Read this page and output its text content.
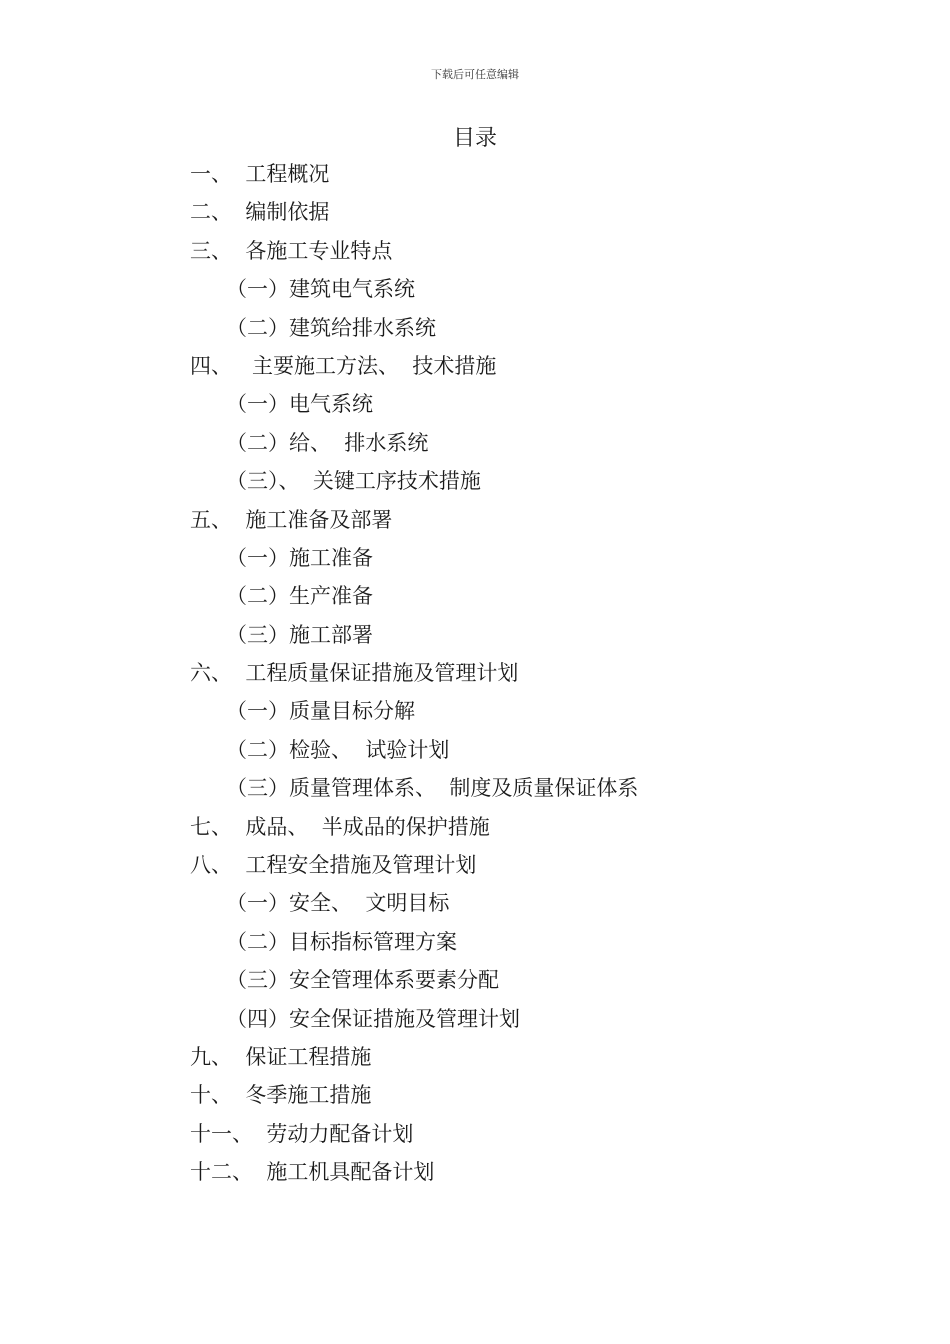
下载后可任意编辑
目录
一、  工程概况
二、  编制依据
三、  各施工专业特点
（一）建筑电气系统
（二）建筑给排水系统
四、   主要施工方法、  技术措施
（一）电气系统
（二）给、  排水系统
（三）、  关键工序技术措施
五、  施工准备及部署
（一）施工准备
（二）生产准备
（三）施工部署
六、  工程质量保证措施及管理计划
（一）质量目标分解
（二）检验、  试验计划
（三）质量管理体系、  制度及质量保证体系
七、  成品、  半成品的保护措施
八、  工程安全措施及管理计划
（一）安全、  文明目标
（二）目标指标管理方案
（三）安全管理体系要素分配
（四）安全保证措施及管理计划
九、  保证工程措施
十、  冬季施工措施
十一、  劳动力配备计划
十二、  施工机具配备计划
